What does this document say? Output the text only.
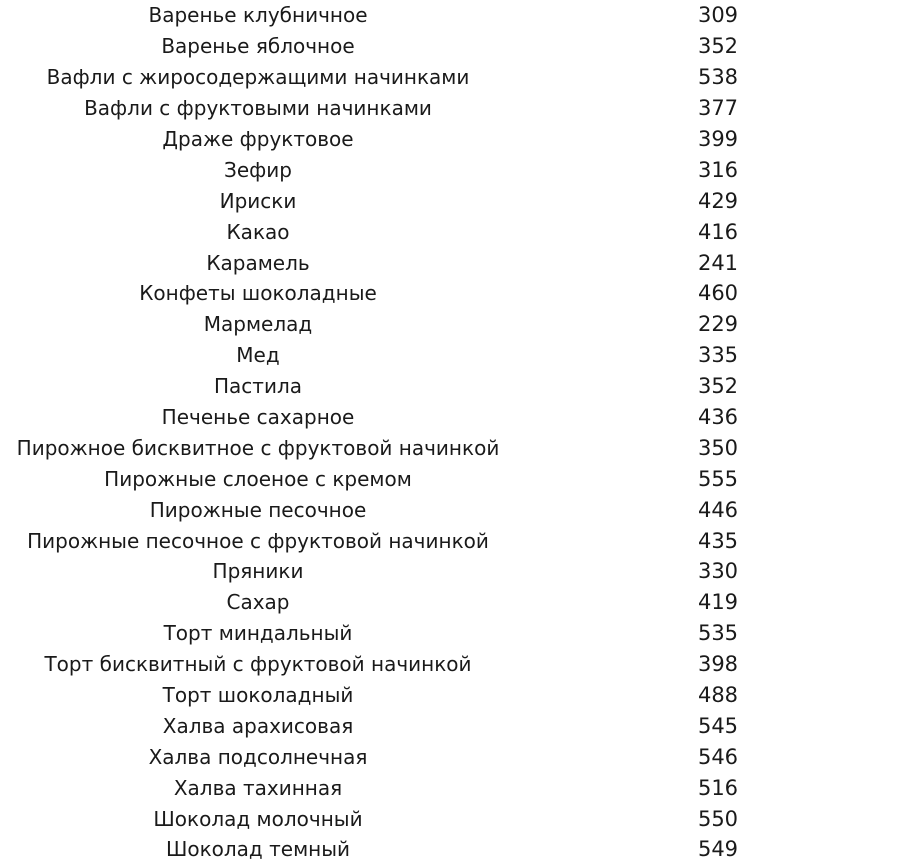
Варенье клубничное	309
Варенье яблочное	352
Вафли с жиросодержащими начинками	538
Вафли с фруктовыми начинками	377
Драже фруктовое	399
Зефир	316
Ириски	429
Какао	416
Карамель	241
Конфеты шоколадные	460
Мармелад	229
Мед	335
Пастила	352
Печенье сахарное	436
Пирожное бисквитное с фруктовой начинкой	350
Пирожные слоеное с кремом	555
Пирожные песочное	446
Пирожные песочное с фруктовой начинкой	435
Пряники	330
Сахар	419
Торт миндальный	535
Торт бисквитный с фруктовой начинкой	398
Торт шоколадный	488
Халва арахисовая	545
Халва подсолнечная	546
Халва тахинная	516
Шоколад молочный	550
Шоколад темный	549
